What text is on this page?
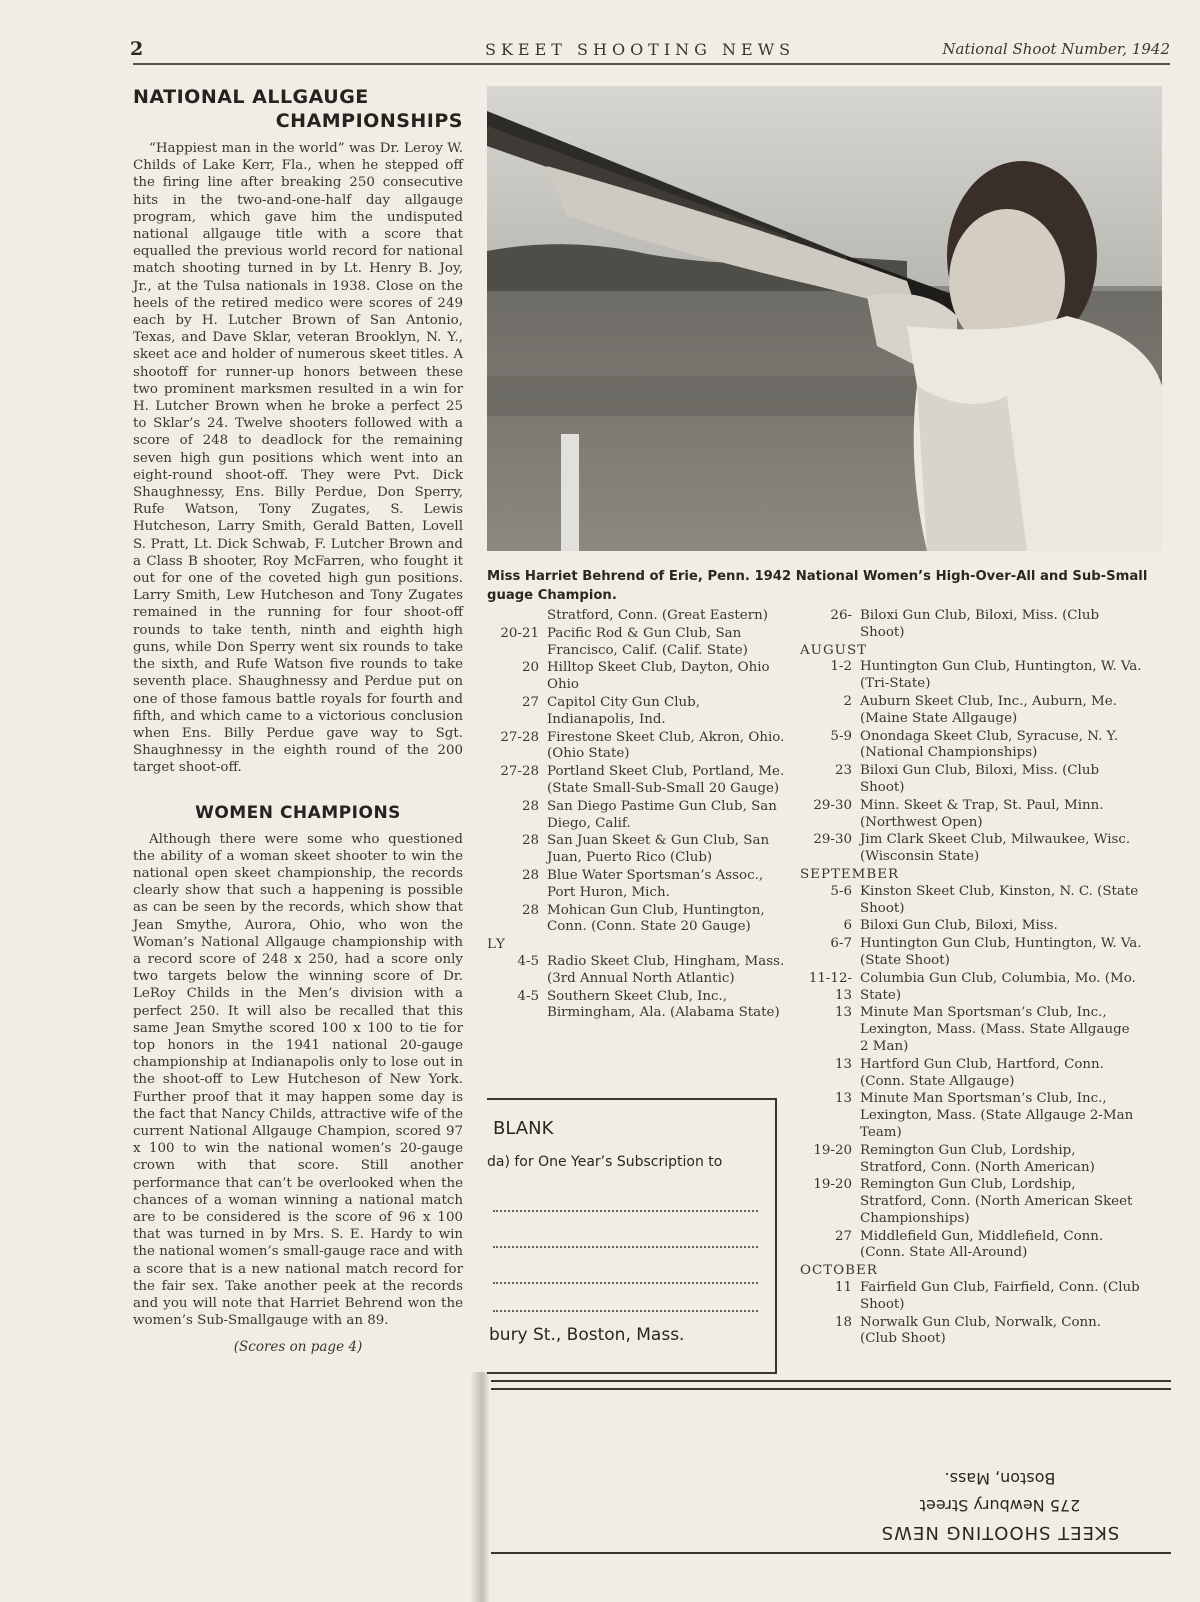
2	SKEET SHOOTING NEWS	National Shoot Number, 1942
NATIONAL ALLGAUGE
CHAMPIONSHIPS

“Happiest man in the world” was Dr. Leroy W. Childs of Lake Kerr, Fla., when he stepped off the firing line after breaking 250 consecutive hits in the two-and-one-half day allgauge program, which gave him the undisputed national allgauge title with a score that equalled the previous world record for national match shooting turned in by Lt. Henry B. Joy, Jr., at the Tulsa nationals in 1938. Close on the heels of the retired medico were scores of 249 each by H. Lutcher Brown of San Antonio, Texas, and Dave Sklar, veteran Brooklyn, N. Y., skeet ace and holder of numerous skeet titles. A shootoff for runner-up honors between these two prominent marksmen resulted in a win for H. Lutcher Brown when he broke a perfect 25 to Sklar’s 24. Twelve shooters followed with a score of 248 to deadlock for the remaining seven high gun positions which went into an eight-round shoot-off. They were Pvt. Dick Shaughnessy, Ens. Billy Perdue, Don Sperry, Rufe Watson, Tony Zugates, S. Lewis Hutcheson, Larry Smith, Gerald Batten, Lovell S. Pratt, Lt. Dick Schwab, F. Lutcher Brown and a Class B shooter, Roy McFarren, who fought it out for one of the coveted high gun positions. Larry Smith, Lew Hutcheson and Tony Zugates remained in the running for four shoot-off rounds to take tenth, ninth and eighth high guns, while Don Sperry went six rounds to take the sixth, and Rufe Watson five rounds to take seventh place. Shaughnessy and Perdue put on one of those famous battle royals for fourth and fifth, and which came to a victorious conclusion when Ens. Billy Perdue gave way to Sgt. Shaughnessy in the eighth round of the 200 target shoot-off.

WOMEN CHAMPIONS

Although there were some who questioned the ability of a woman skeet shooter to win the national open skeet championship, the records clearly show that such a happening is possible as can be seen by the records, which show that Jean Smythe, Aurora, Ohio, who won the Woman’s National Allgauge championship with a record score of 248 x 250, had a score only two targets below the winning score of Dr. LeRoy Childs in the Men’s division with a perfect 250. It will also be recalled that this same Jean Smythe scored 100 x 100 to tie for top honors in the 1941 national 20-gauge championship at Indianapolis only to lose out in the shoot-off to Lew Hutcheson of New York. Further proof that it may happen some day is the fact that Nancy Childs, attractive wife of the current National Allgauge Champion, scored 97 x 100 to win the national women’s 20-gauge crown with that score. Still another performance that can’t be overlooked when the chances of a woman winning a national match are to be considered is the score of 96 x 100 that was turned in by Mrs. S. E. Hardy to win the national women’s small-gauge race and with a score that is a new national match record for the fair sex. Take another peek at the records and you will note that Harriet Behrend won the women’s Sub-Smallgauge with an 89.

(Scores on page 4)
Miss Harriet Behrend of Erie, Penn. 1942 National Women’s High-Over-All and Sub-Small guage Champion.
Stratford, Conn. (Great Eastern)
20-21 Pacific Rod & Gun Club, San Francisco, Calif. (Calif. State)
20 Hilltop Skeet Club, Dayton, Ohio Ohio
27 Capitol City Gun Club, Indianapolis, Ind.
27-28 Firestone Skeet Club, Akron, Ohio. (Ohio State)
27-28 Portland Skeet Club, Portland, Me. (State Small-Sub-Small 20 Gauge)
28 San Diego Pastime Gun Club, San Diego, Calif.
28 San Juan Skeet & Gun Club, San Juan, Puerto Rico (Club)
28 Blue Water Sportsman’s Assoc., Port Huron, Mich.
28 Mohican Gun Club, Huntington, Conn. (Conn. State 20 Gauge)
LY
4-5 Radio Skeet Club, Hingham, Mass. (3rd Annual North Atlantic)
4-5 Southern Skeet Club, Inc., Birmingham, Ala. (Alabama State)
26- Biloxi Gun Club, Biloxi, Miss. (Club Shoot)
AUGUST
1-2 Huntington Gun Club, Huntington, W. Va. (Tri-State)
2 Auburn Skeet Club, Inc., Auburn, Me. (Maine State Allgauge)
5-9 Onondaga Skeet Club, Syracuse, N. Y. (National Championships)
23 Biloxi Gun Club, Biloxi, Miss. (Club Shoot)
29-30 Minn. Skeet & Trap, St. Paul, Minn. (Northwest Open)
29-30 Jim Clark Skeet Club, Milwaukee, Wisc. (Wisconsin State)
SEPTEMBER
5-6 Kinston Skeet Club, Kinston, N. C. (State Shoot)
6 Biloxi Gun Club, Biloxi, Miss.
6-7 Huntington Gun Club, Huntington, W. Va. (State Shoot)
11-12-13
Columbia Gun Club, Columbia, Mo. (Mo. State)
13 Minute Man Sportsman’s Club, Inc., Lexington, Mass. (Mass. State Allgauge 2 Man)
13 Hartford Gun Club, Hartford, Conn. (Conn. State Allgauge)
13 Minute Man Sportsman’s Club, Inc., Lexington, Mass. (State Allgauge 2-Man Team)
19-20 Remington Gun Club, Lordship, Stratford, Conn. (North American)
19-20 Remington Gun Club, Lordship, Stratford, Conn. (North American Skeet Championships)
27 Middlefield Gun, Middlefield, Conn. (Conn. State All-Around)
OCTOBER
11 Fairfield Gun Club, Fairfield, Conn. (Club Shoot)
18 Norwalk Gun Club, Norwalk, Conn. (Club Shoot)
BLANK
da) for One Year’s Subscription to
bury St., Boston, Mass.
SKEET SHOOTING NEWS
275 Newbury Street
Boston, Mass.
